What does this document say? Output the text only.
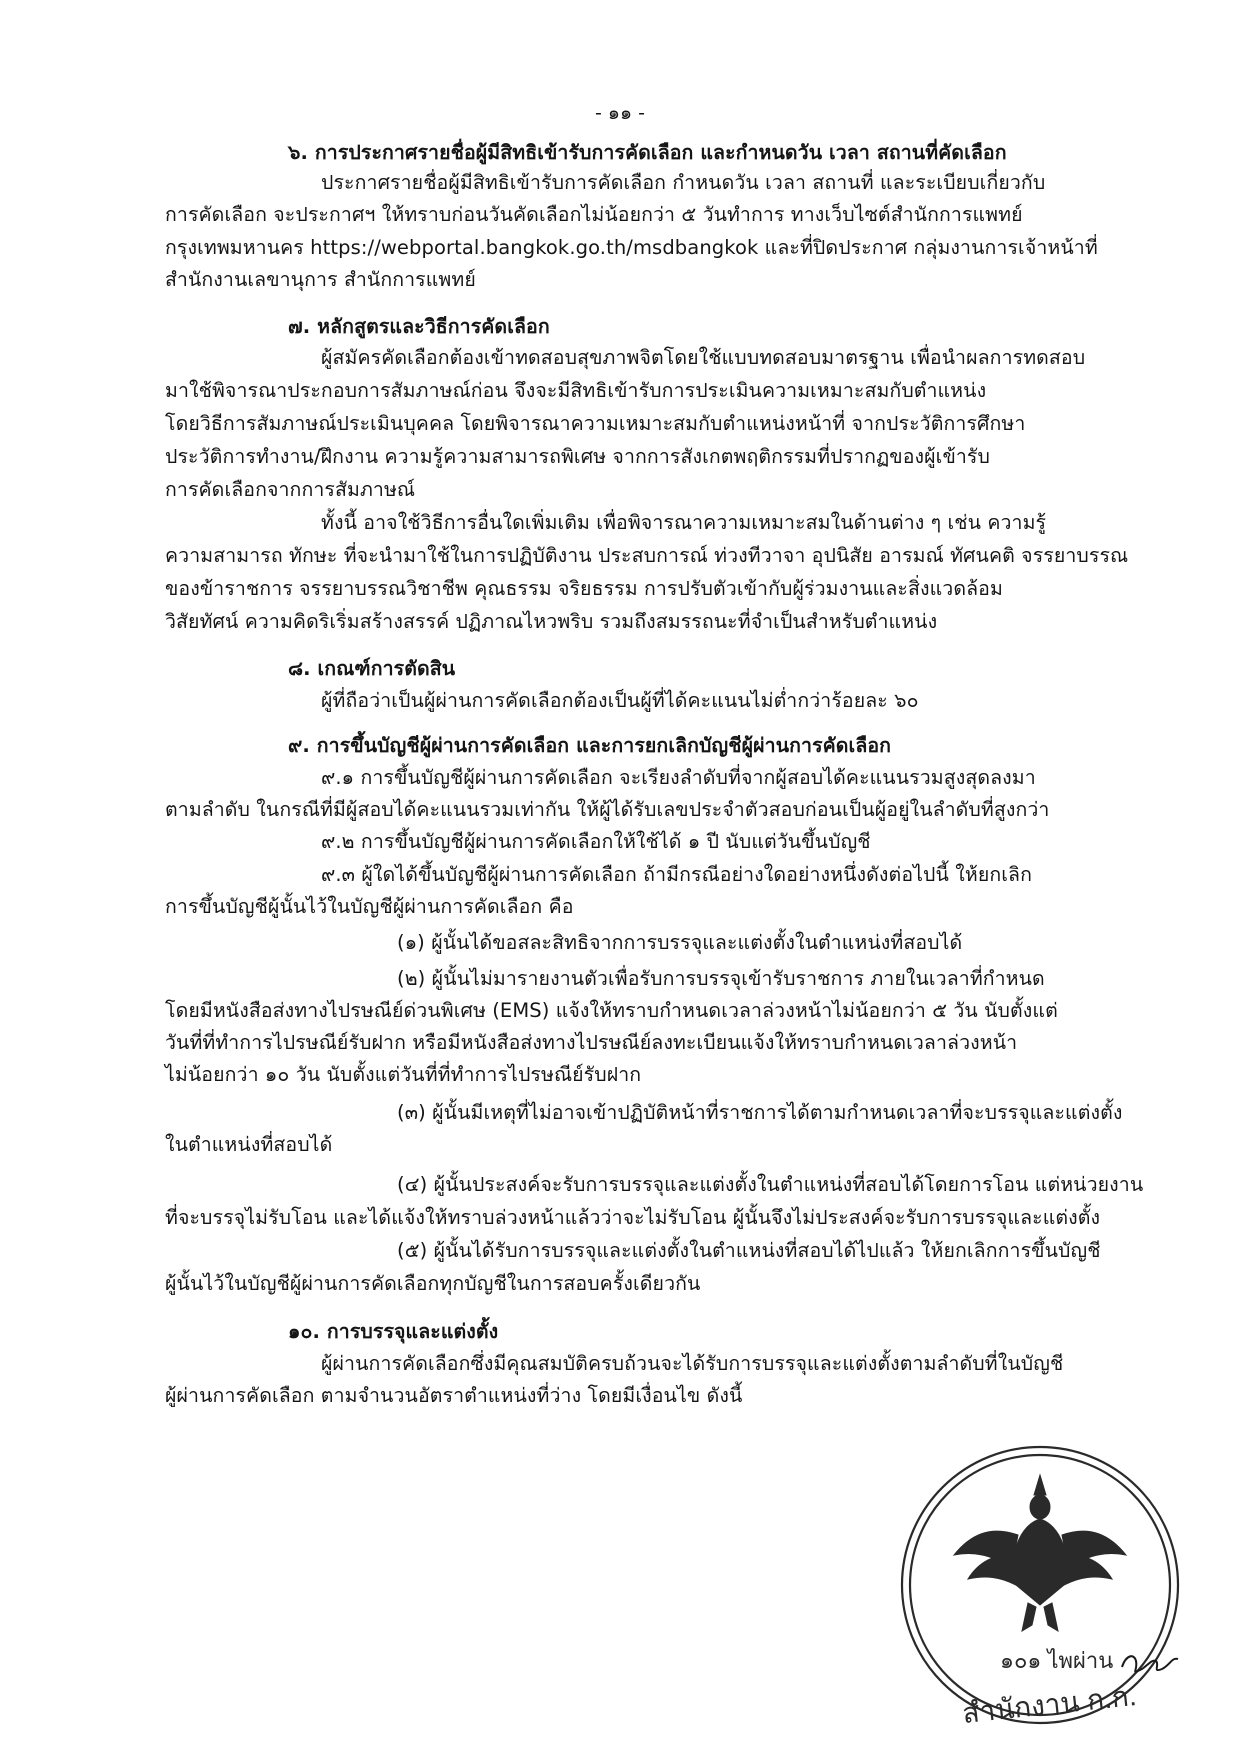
- ๑๑ -
๖. การประกาศรายชื่อผู้มีสิทธิเข้ารับการคัดเลือก และกำหนดวัน เวลา สถานที่คัดเลือก
ประกาศรายชื่อผู้มีสิทธิเข้ารับการคัดเลือก กำหนดวัน เวลา สถานที่ และระเบียบเกี่ยวกับ
การคัดเลือก จะประกาศฯ ให้ทราบก่อนวันคัดเลือกไม่น้อยกว่า ๕ วันทำการ ทางเว็บไซต์สำนักการแพทย์
กรุงเทพมหานคร https://webportal.bangkok.go.th/msdbangkok และที่ปิดประกาศ กลุ่มงานการเจ้าหน้าที่
สำนักงานเลขานุการ สำนักการแพทย์
๗. หลักสูตรและวิธีการคัดเลือก
ผู้สมัครคัดเลือกต้องเข้าทดสอบสุขภาพจิตโดยใช้แบบทดสอบมาตรฐาน เพื่อนำผลการทดสอบ
มาใช้พิจารณาประกอบการสัมภาษณ์ก่อน จึงจะมีสิทธิเข้ารับการประเมินความเหมาะสมกับตำแหน่ง
โดยวิธีการสัมภาษณ์ประเมินบุคคล โดยพิจารณาความเหมาะสมกับตำแหน่งหน้าที่ จากประวัติการศึกษา
ประวัติการทำงาน/ฝึกงาน ความรู้ความสามารถพิเศษ จากการสังเกตพฤติกรรมที่ปรากฏของผู้เข้ารับ
การคัดเลือกจากการสัมภาษณ์
ทั้งนี้ อาจใช้วิธีการอื่นใดเพิ่มเติม เพื่อพิจารณาความเหมาะสมในด้านต่าง ๆ เช่น ความรู้
ความสามารถ ทักษะ ที่จะนำมาใช้ในการปฏิบัติงาน ประสบการณ์ ท่วงทีวาจา อุปนิสัย อารมณ์ ทัศนคติ จรรยาบรรณ
ของข้าราชการ จรรยาบรรณวิชาชีพ คุณธรรม จริยธรรม การปรับตัวเข้ากับผู้ร่วมงานและสิ่งแวดล้อม
วิสัยทัศน์ ความคิดริเริ่มสร้างสรรค์ ปฏิภาณไหวพริบ รวมถึงสมรรถนะที่จำเป็นสำหรับตำแหน่ง
๘. เกณฑ์การตัดสิน
ผู้ที่ถือว่าเป็นผู้ผ่านการคัดเลือกต้องเป็นผู้ที่ได้คะแนนไม่ต่ำกว่าร้อยละ ๖๐
๙. การขึ้นบัญชีผู้ผ่านการคัดเลือก และการยกเลิกบัญชีผู้ผ่านการคัดเลือก
๙.๑ การขึ้นบัญชีผู้ผ่านการคัดเลือก จะเรียงลำดับที่จากผู้สอบได้คะแนนรวมสูงสุดลงมา
ตามลำดับ ในกรณีที่มีผู้สอบได้คะแนนรวมเท่ากัน ให้ผู้ได้รับเลขประจำตัวสอบก่อนเป็นผู้อยู่ในลำดับที่สูงกว่า
๙.๒ การขึ้นบัญชีผู้ผ่านการคัดเลือกให้ใช้ได้ ๑ ปี นับแต่วันขึ้นบัญชี
๙.๓ ผู้ใดได้ขึ้นบัญชีผู้ผ่านการคัดเลือก ถ้ามีกรณีอย่างใดอย่างหนึ่งดังต่อไปนี้ ให้ยกเลิก
การขึ้นบัญชีผู้นั้นไว้ในบัญชีผู้ผ่านการคัดเลือก คือ
(๑) ผู้นั้นได้ขอสละสิทธิจากการบรรจุและแต่งตั้งในตำแหน่งที่สอบได้
(๒) ผู้นั้นไม่มารายงานตัวเพื่อรับการบรรจุเข้ารับราชการ ภายในเวลาที่กำหนด
โดยมีหนังสือส่งทางไปรษณีย์ด่วนพิเศษ (EMS) แจ้งให้ทราบกำหนดเวลาล่วงหน้าไม่น้อยกว่า ๕ วัน นับตั้งแต่
วันที่ที่ทำการไปรษณีย์รับฝาก หรือมีหนังสือส่งทางไปรษณีย์ลงทะเบียนแจ้งให้ทราบกำหนดเวลาล่วงหน้า
ไม่น้อยกว่า ๑๐ วัน นับตั้งแต่วันที่ที่ทำการไปรษณีย์รับฝาก
(๓) ผู้นั้นมีเหตุที่ไม่อาจเข้าปฏิบัติหน้าที่ราชการได้ตามกำหนดเวลาที่จะบรรจุและแต่งตั้ง
ในตำแหน่งที่สอบได้
(๔) ผู้นั้นประสงค์จะรับการบรรจุและแต่งตั้งในตำแหน่งที่สอบได้โดยการโอน แต่หน่วยงาน
ที่จะบรรจุไม่รับโอน และได้แจ้งให้ทราบล่วงหน้าแล้วว่าจะไม่รับโอน ผู้นั้นจึงไม่ประสงค์จะรับการบรรจุและแต่งตั้ง
(๕) ผู้นั้นได้รับการบรรจุและแต่งตั้งในตำแหน่งที่สอบได้ไปแล้ว ให้ยกเลิกการขึ้นบัญชี
ผู้นั้นไว้ในบัญชีผู้ผ่านการคัดเลือกทุกบัญชีในการสอบครั้งเดียวกัน
๑๐. การบรรจุและแต่งตั้ง
ผู้ผ่านการคัดเลือกซึ่งมีคุณสมบัติครบถ้วนจะได้รับการบรรจุและแต่งตั้งตามลำดับที่ในบัญชี
ผู้ผ่านการคัดเลือก ตามจำนวนอัตราตำแหน่งที่ว่าง โดยมีเงื่อนไข ดังนี้
๑๐๑ ไพผ่าน
สำนักงาน ก.ก.
